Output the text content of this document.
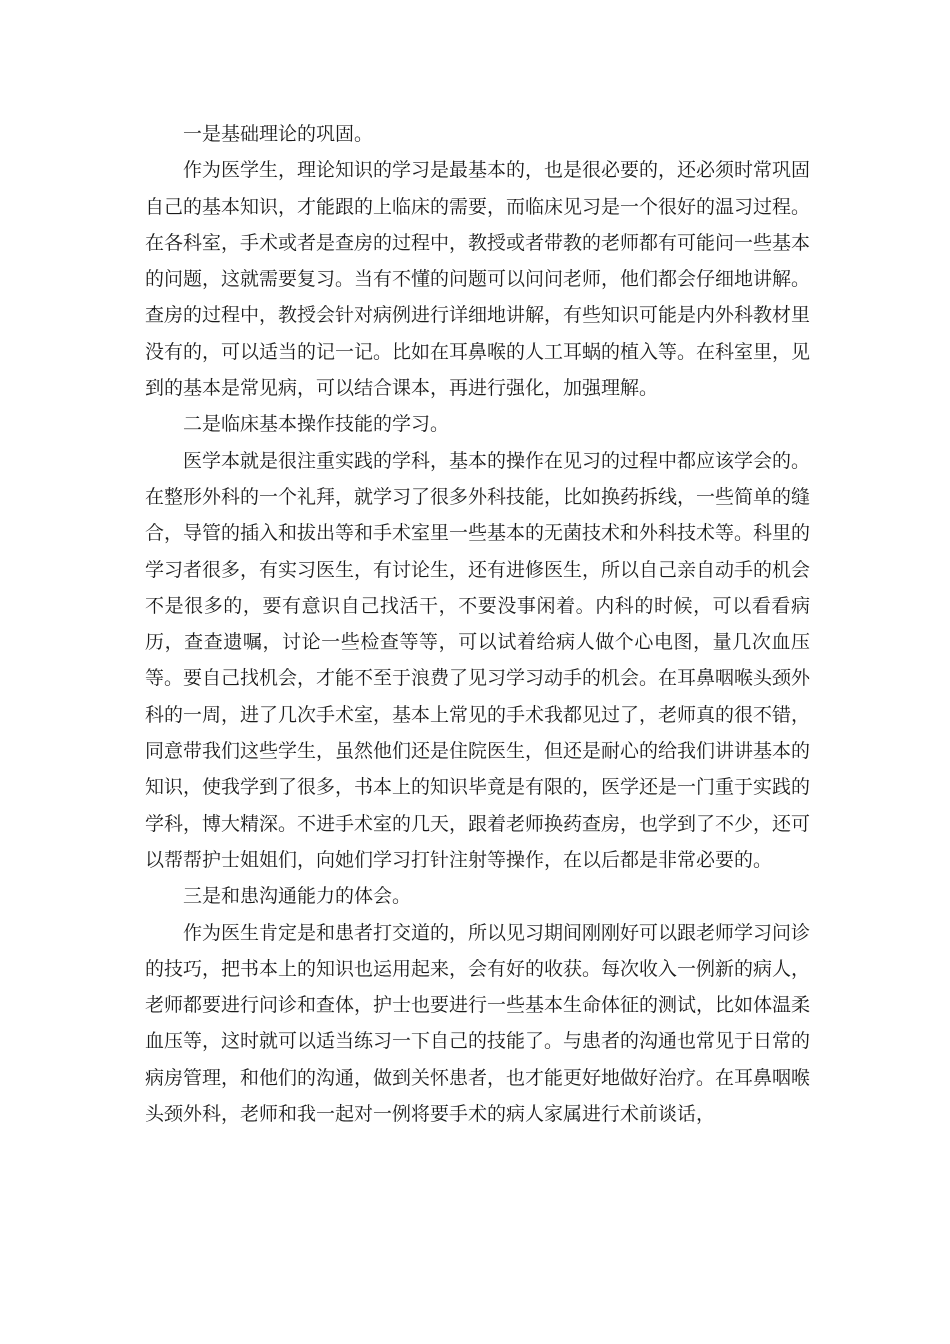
一是基础理论的巩固。

作为医学生，理论知识的学习是最基本的，也是很必要的，还必须时常巩固自己的基本知识，才能跟的上临床的需要，而临床见习是一个很好的温习过程。在各科室，手术或者是查房的过程中，教授或者带教的老师都有可能问一些基本的问题，这就需要复习。当有不懂的问题可以问问老师，他们都会仔细地讲解。查房的过程中，教授会针对病例进行详细地讲解，有些知识可能是内外科教材里没有的，可以适当的记一记。比如在耳鼻喉的人工耳蜗的植入等。在科室里，见到的基本是常见病，可以结合课本，再进行强化，加强理解。

二是临床基本操作技能的学习。

医学本就是很注重实践的学科，基本的操作在见习的过程中都应该学会的。在整形外科的一个礼拜，就学习了很多外科技能，比如换药拆线，一些简单的缝合，导管的插入和拔出等和手术室里一些基本的无菌技术和外科技术等。科里的学习者很多，有实习医生，有讨论生，还有进修医生，所以自己亲自动手的机会不是很多的，要有意识自己找活干，不要没事闲着。内科的时候，可以看看病历，查查遗嘱，讨论一些检查等等，可以试着给病人做个心电图，量几次血压等。要自己找机会，才能不至于浪费了见习学习动手的机会。在耳鼻咽喉头颈外科的一周，进了几次手术室，基本上常见的手术我都见过了，老师真的很不错，同意带我们这些学生，虽然他们还是住院医生，但还是耐心的给我们讲讲基本的知识，使我学到了很多，书本上的知识毕竟是有限的，医学还是一门重于实践的学科，博大精深。不进手术室的几天，跟着老师换药查房，也学到了不少，还可以帮帮护士姐姐们，向她们学习打针注射等操作，在以后都是非常必要的。

三是和患沟通能力的体会。

作为医生肯定是和患者打交道的，所以见习期间刚刚好可以跟老师学习问诊的技巧，把书本上的知识也运用起来，会有好的收获。每次收入一例新的病人，老师都要进行问诊和查体，护士也要进行一些基本生命体征的测试，比如体温柔血压等，这时就可以适当练习一下自己的技能了。与患者的沟通也常见于日常的病房管理，和他们的沟通，做到关怀患者，也才能更好地做好治疗。在耳鼻咽喉头颈外科，老师和我一起对一例将要手术的病人家属进行术前谈话，
